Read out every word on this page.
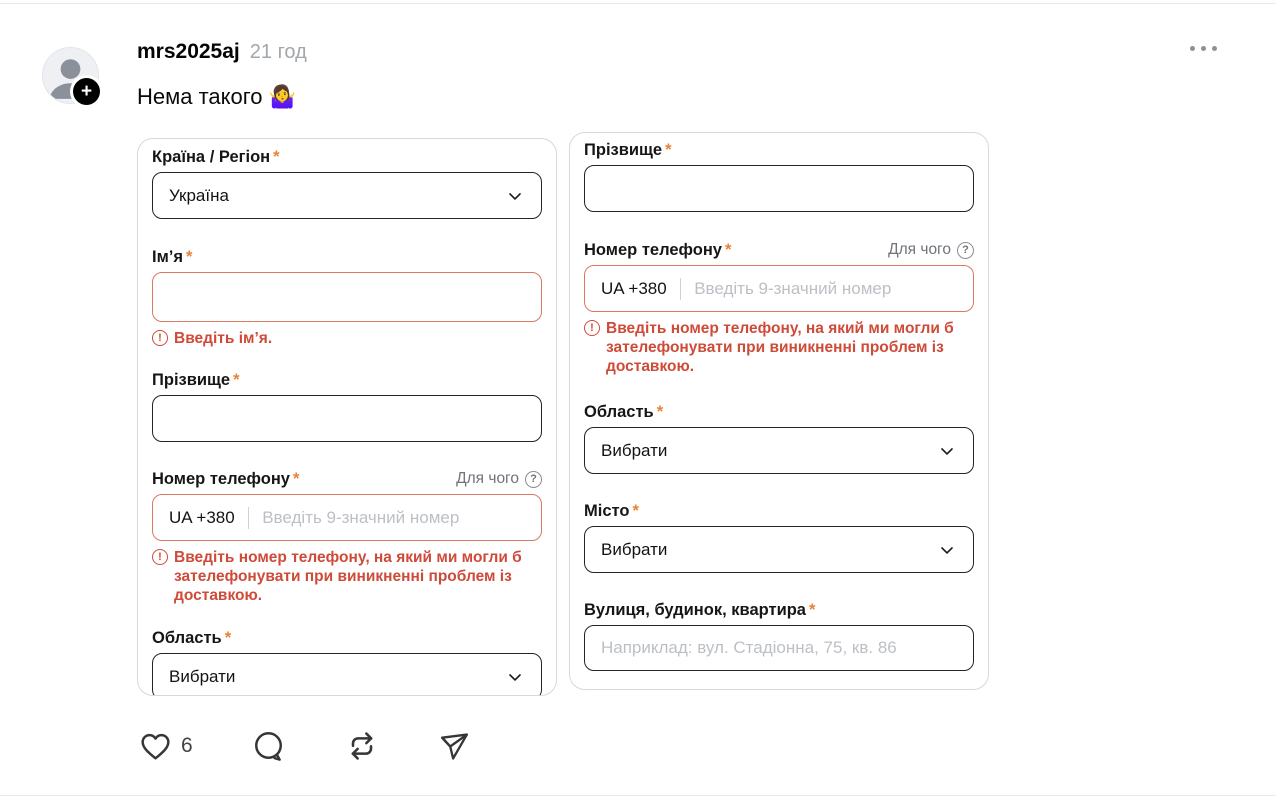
+
mrs2025aj 21 год
Нема такого 🤷‍♀️
Країна / Регіон *
Україна
Ім’я *
! Введіть ім’я.
Прізвище *
Номер телефону *	Для чого	?
UA +380 Введіть 9-значний номер
! Введіть номер телефону, на який ми могли б зателефонувати при виникненні проблем із доставкою.
Область *
Вибрати
Прізвище *
Номер телефону *	Для чого	?
UA +380 Введіть 9-значний номер
! Введіть номер телефону, на який ми могли б зателефонувати при виникненні проблем із доставкою.
Область *
Вибрати
Місто *
Вибрати
Вулиця, будинок, квартира *
Наприклад: вул. Стадіонна, 75, кв. 86
6
